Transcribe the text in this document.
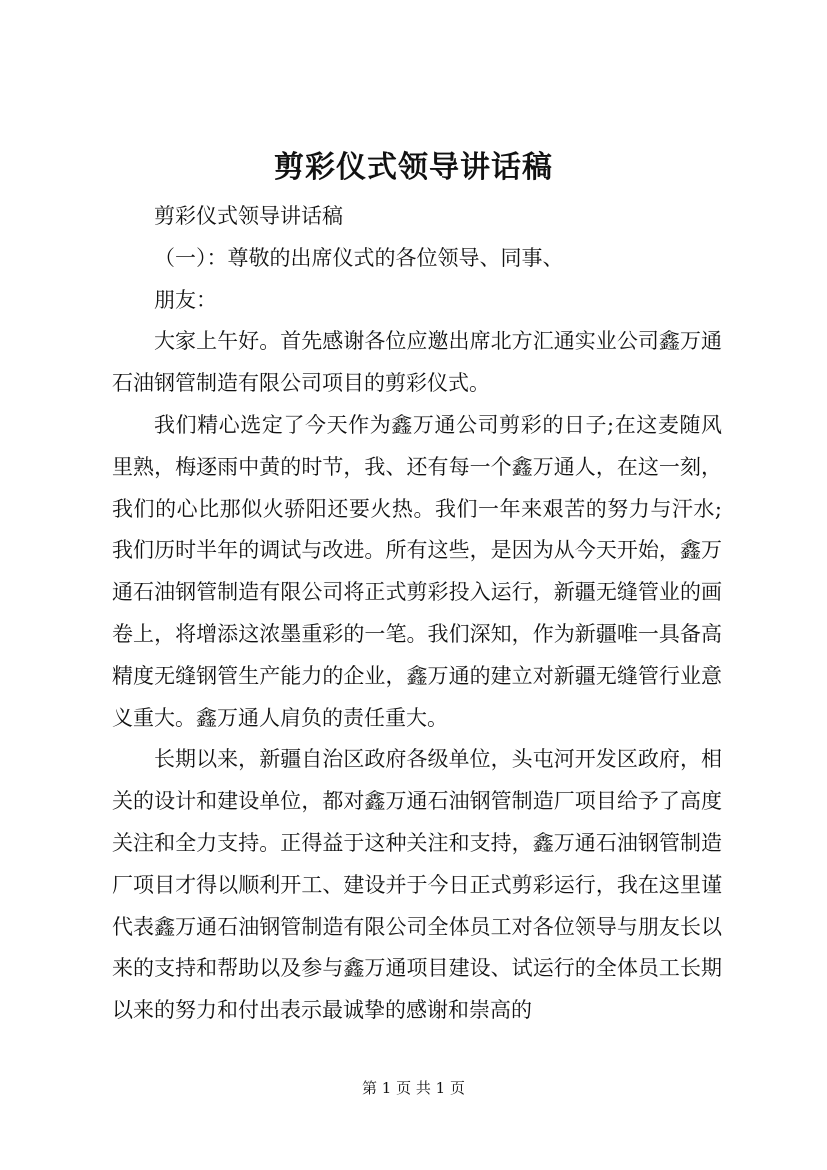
剪彩仪式领导讲话稿

剪彩仪式领导讲话稿

（一）：尊敬的出席仪式的各位领导、同事、

朋友：

大家上午好。首先感谢各位应邀出席北方汇通实业公司鑫万通石油钢管制造有限公司项目的剪彩仪式。

我们精心选定了今天作为鑫万通公司剪彩的日子;在这麦随风里熟，梅逐雨中黄的时节，我、还有每一个鑫万通人，在这一刻，我们的心比那似火骄阳还要火热。我们一年来艰苦的努力与汗水;我们历时半年的调试与改进。所有这些，是因为从今天开始，鑫万通石油钢管制造有限公司将正式剪彩投入运行，新疆无缝管业的画卷上，将增添这浓墨重彩的一笔。我们深知，作为新疆唯一具备高精度无缝钢管生产能力的企业，鑫万通的建立对新疆无缝管行业意义重大。鑫万通人肩负的责任重大。

长期以来，新疆自治区政府各级单位，头屯河开发区政府，相关的设计和建设单位，都对鑫万通石油钢管制造厂项目给予了高度关注和全力支持。正得益于这种关注和支持，鑫万通石油钢管制造厂项目才得以顺利开工、建设并于今日正式剪彩运行，我在这里谨代表鑫万通石油钢管制造有限公司全体员工对各位领导与朋友长以来的支持和帮助以及参与鑫万通项目建设、试运行的全体员工长期以来的努力和付出表示最诚挚的感谢和崇高的

第 1 页 共 1 页
